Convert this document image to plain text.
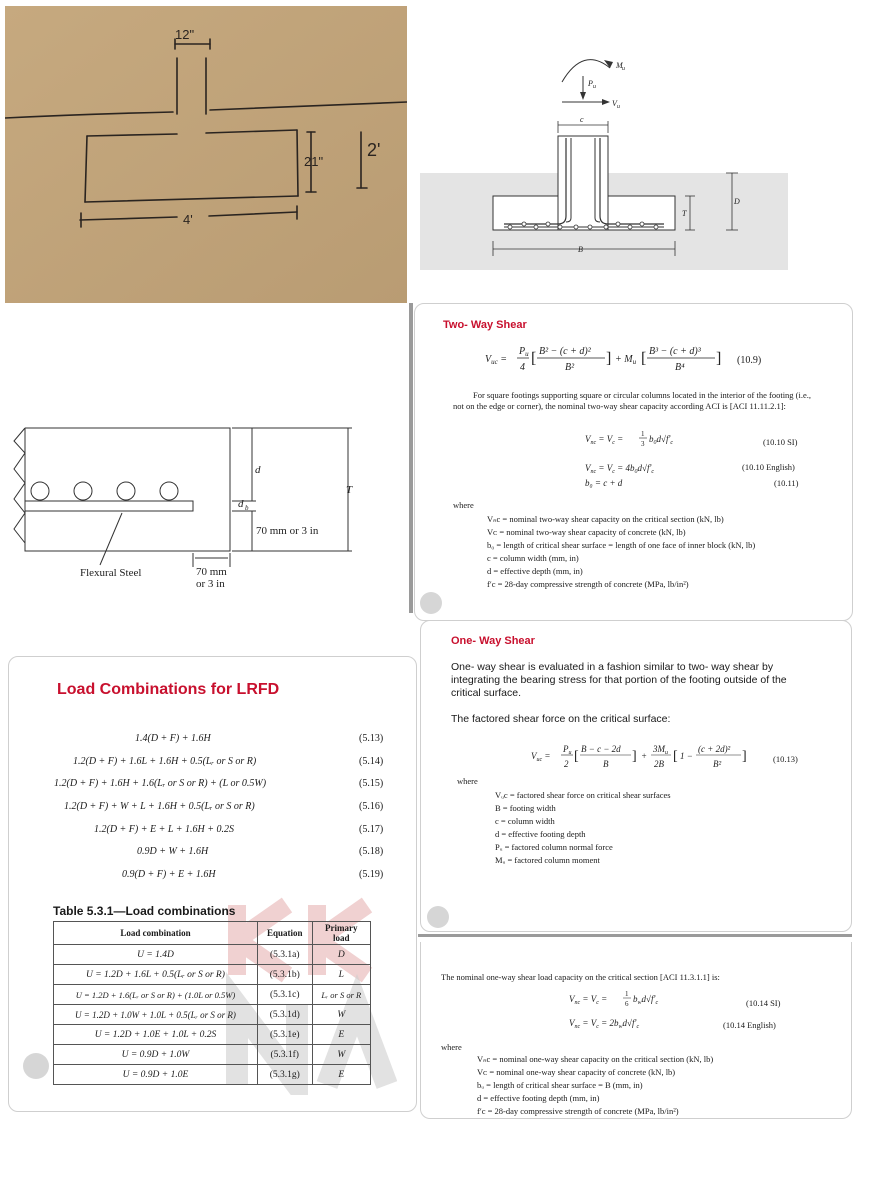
12"
21"
2'
4'
M u
P u
V u
c
T
D
B
d
d b
T
70 mm or 3 in
Flexural Steel	70 mm
or 3 in
Two- Way Shear
$V_{uc}$ =
$P_u$
4
[ B² − (c + d)²
B²
] + $M_u$ [ B³ − (c + d)³
B⁴
] (10.9)
For square footings supporting square or circular columns located in the interior of the footing (i.e., not on the edge or corner), the nominal two-way shear capacity according ACI is [ACI 11.11.2.1]:
$V_{nc} = V_c$ =	1
3 $b_0d√f'_c$
$V_{nc} = V_c = 4b_0d√f'_c$
(10.10 SI)
(10.10 English)
b₀ = c + d	(10.11)
where
Vₙc = nominal two-way shear capacity on the critical section (kN, lb)
Vᴄ = nominal two-way shear capacity of concrete (kN, lb)
b₀ = length of critical shear surface = length of one face of inner block (kN, lb)
c = column width (mm, in)
d = effective depth (mm, in)
f′c = 28-day compressive strength of concrete (MPa, lb/in²)
Load Combinations for LRFD
1.4(D + F) + 1.6H	(5.13)
1.2(D + F) + 1.6L + 1.6H + 0.5(Lᵣ or S or R)	(5.14)
1.2(D + F) + 1.6H + 1.6(Lᵣ or S or R) + (L or 0.5W)	(5.15)
1.2(D + F) + W + L + 1.6H + 0.5(Lᵣ or S or R)	(5.16)
1.2(D + F) + E + L + 1.6H + 0.2S	(5.17)
0.9D + W + 1.6H	(5.18)
0.9(D + F) + E + 1.6H	(5.19)
Table 5.3.1—Load combinations
Load combination	Equation	Primary load
U = 1.4D	(5.3.1a)	D
U = 1.2D + 1.6L + 0.5(Lᵣ or S or R)	(5.3.1b)	L
U = 1.2D + 1.6(Lᵣ or S or R) + (1.0L or 0.5W)	(5.3.1c)	Lᵣ or S or R
U = 1.2D + 1.0W + 1.0L + 0.5(Lᵣ or S or R)	(5.3.1d)	W
U = 1.2D + 1.0E + 1.0L + 0.2S	(5.3.1e)	E
U = 0.9D + 1.0W	(5.3.1f)	W
U = 0.9D + 1.0E	(5.3.1g)	E
One- Way Shear
One- way shear is evaluated in a fashion similar to two- way shear by integrating the bearing stress for that portion of the footing outside of the critical surface.
The factored shear force on the critical surface:
$V_{uc}$ =
$P_u$
2 [ B − c − 2d
B ] +
$3M_u$
2B [ 1 −
(c + 2d)²
B² ]	(10.13)
where
Vᵤc = factored shear force on critical shear surfaces
B = footing width
c = column width
d = effective footing depth
Pᵤ = factored column normal force
Mᵤ = factored column moment
The nominal one-way shear load capacity on the critical section [ACI 11.3.1.1] is:
$V_{nc} = V_c$ =	1
6 $b_wd√f'_c$
$V_{nc} = V_c = 2b_wd√f'_c$
(10.14 SI)
(10.14 English)
where
Vₙc = nominal one-way shear capacity on the critical section (kN, lb)
Vᴄ = nominal one-way shear capacity of concrete (kN, lb)
bᵤ = length of critical shear surface = B (mm, in)
d = effective footing depth (mm, in)
f′c = 28-day compressive strength of concrete (MPa, lb/in²)
